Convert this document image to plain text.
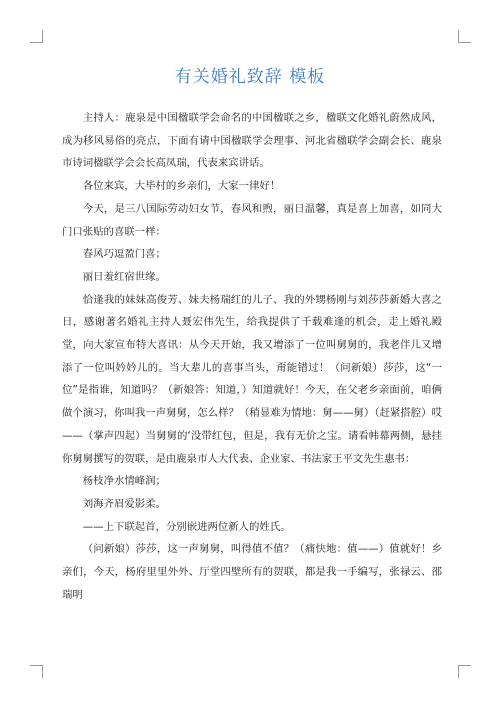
有关婚礼致辞 模板

主持人：鹿泉是中国楹联学会命名的中国楹联之乡，楹联文化婚礼蔚然成风，成为移风易俗的亮点，下面有请中国楹联学会理事、河北省楹联学会副会长、鹿泉市诗词楹联学会会长高凤瑞，代表来宾讲话。

各位来宾，大毕村的乡亲们，大家一律好！

今天，是三八国际劳动妇女节，春风和煦，丽日温馨，真是喜上加喜，如同大门口张贴的喜联一样：

春风巧逗盈门喜；

丽日羞红宿世缘。

恰逢我的妹妹高俊芳、妹夫杨瑞红的儿子、我的外甥杨刚与刘莎莎新婚大喜之日，感谢著名婚礼主持人聂宏伟先生，给我提供了千载难逢的机会，走上婚礼殿堂，向大家宣布特大喜讯：从今天开始，我又增添了一位叫舅舅的，我老伴儿又增添了一位叫妗妗儿的。当大辈儿的喜事当头，甭能错过！（问新娘）莎莎，这“一位”是指谁，知道吗？（新娘答：知道，）知道就好！今天，在父老乡亲面前，咱俩做个演习，你叫我一声舅舅，怎么样？（稍显难为情地：舅——舅）（赶紧搭腔）哎——（掌声四起）当舅舅的‘没带红包，但是，我有无价之宝。请看帏幕两侧，悬挂你舅舅撰写的贺联，是由鹿泉市人大代表、企业家、书法家王平文先生惠书：

杨枝净水情峰润；

刘海齐眉爱影柔。

——上下联起首，分别嵌进两位新人的姓氏。

（问新娘）莎莎，这一声舅舅，叫得值不值？（痛快地：值——）值就好！乡亲们，今天，杨府里里外外、厅堂四壁所有的贺联，都是我一手编写，张禄云、邵瑞明
